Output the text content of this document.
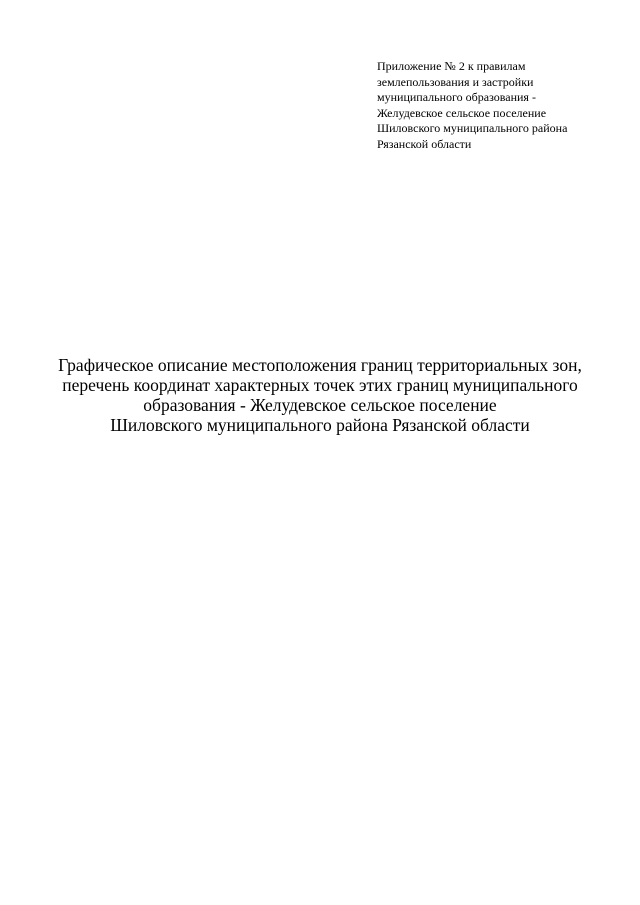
Приложение № 2 к правилам
землепользования и застройки
муниципального образования -
Желудевское сельское поселение
Шиловского муниципального района
Рязанской области
Графическое описание местоположения границ территориальных зон,
перечень координат характерных точек этих границ муниципального
образования - Желудевское сельское поселение
Шиловского муниципального района Рязанской области
